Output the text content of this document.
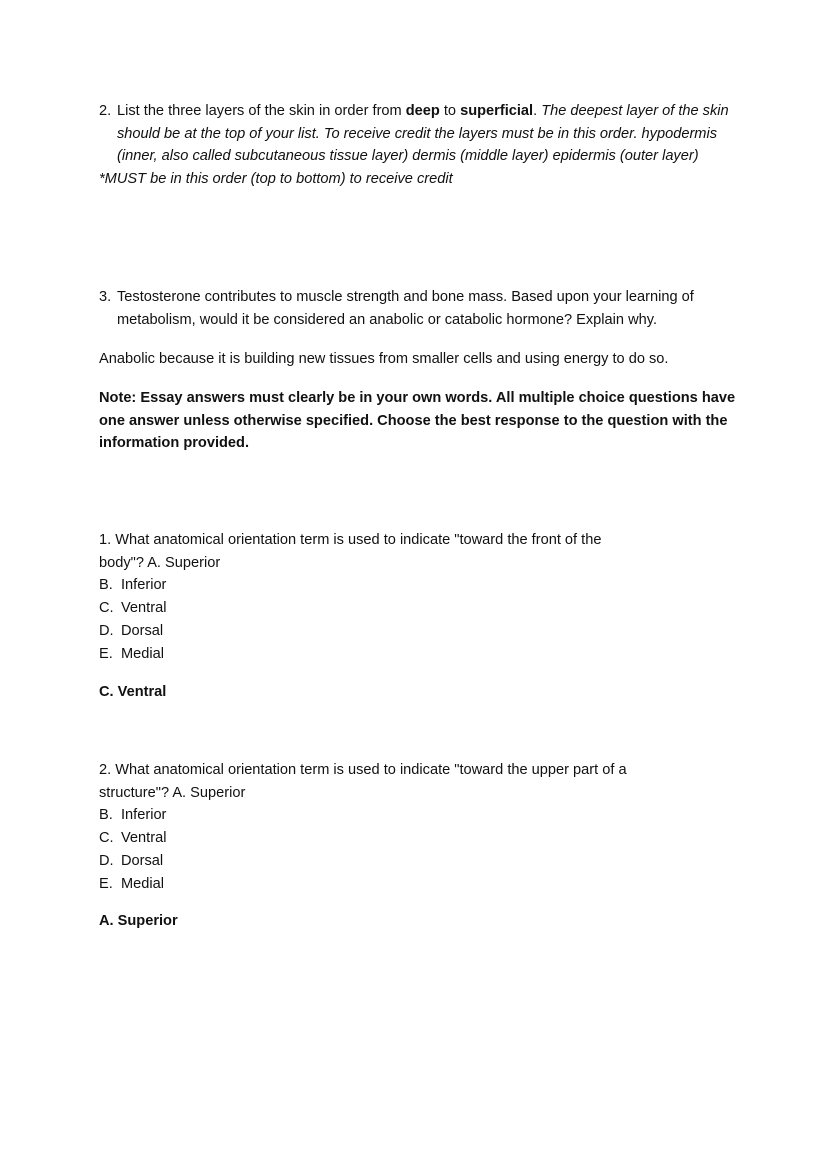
2. List the three layers of the skin in order from deep to superficial. The deepest layer of the skin should be at the top of your list. To receive credit the layers must be in this order. hypodermis (inner, also called subcutaneous tissue layer) dermis (middle layer) epidermis (outer layer)
*MUST be in this order (top to bottom) to receive credit
3. Testosterone contributes to muscle strength and bone mass. Based upon your learning of metabolism, would it be considered an anabolic or catabolic hormone? Explain why.
Anabolic because it is building new tissues from smaller cells and using energy to do so.
Note: Essay answers must clearly be in your own words. All multiple choice questions have one answer unless otherwise specified. Choose the best response to the question with the information provided.
1. What anatomical orientation term is used to indicate "toward the front of the
body"? A. Superior
B. Inferior
C. Ventral
D. Dorsal
E. Medial
C. Ventral
2. What anatomical orientation term is used to indicate "toward the upper part of a
structure"? A. Superior
B. Inferior
C. Ventral
D. Dorsal
E. Medial
A. Superior
